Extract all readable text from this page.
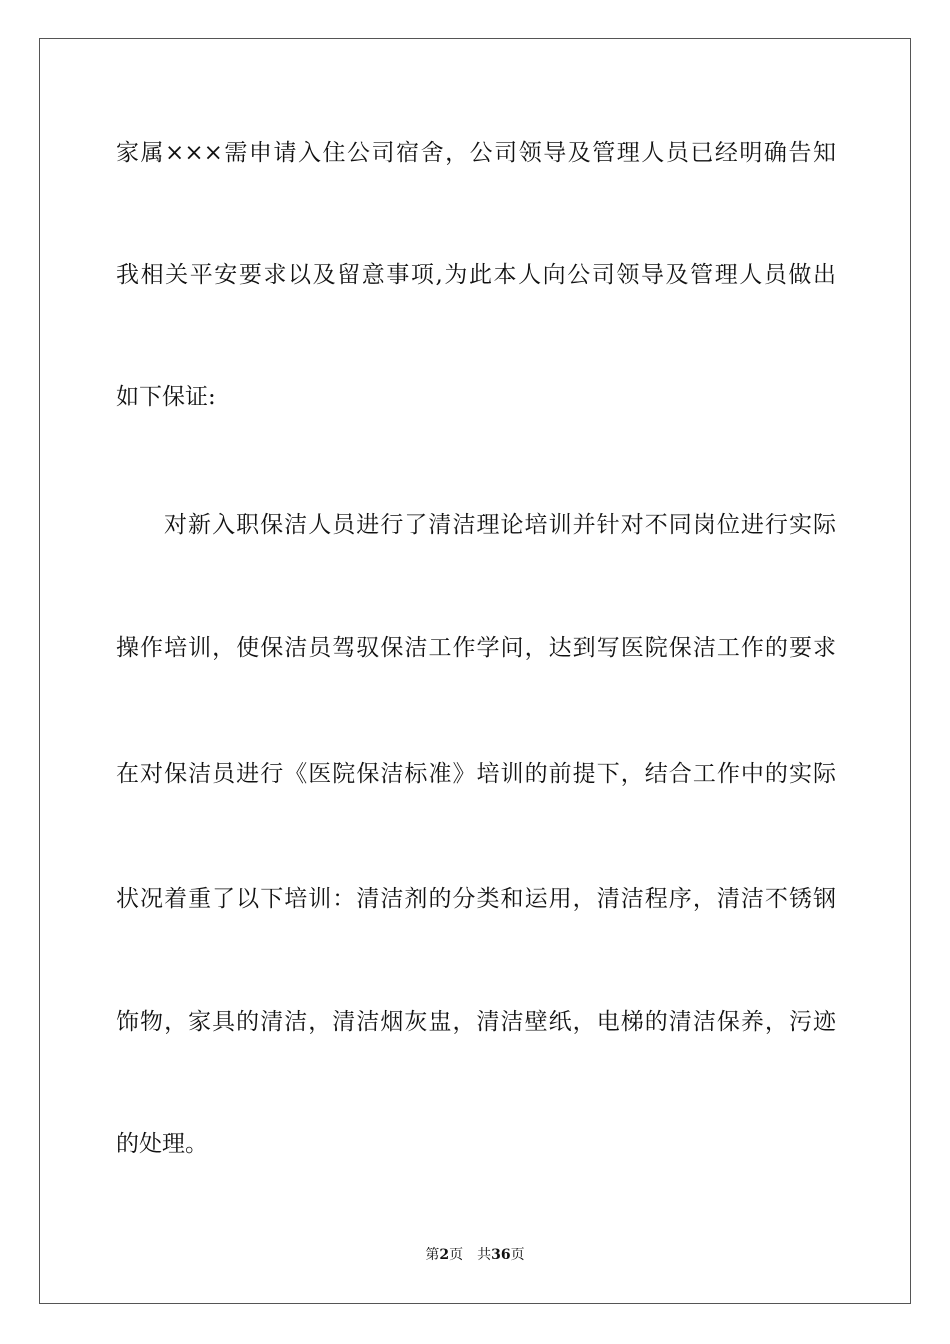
家属×××需申请入住公司宿舍，公司领导及管理人员已经明确告知
我相关平安要求以及留意事项,为此本人向公司领导及管理人员做出
如下保证:
对新入职保洁人员进行了清洁理论培训并针对不同岗位进行实际
操作培训，使保洁员驾驭保洁工作学问，达到写医院保洁工作的要求
在对保洁员进行《医院保洁标准》培训的前提下，结合工作中的实际
状况着重了以下培训：清洁剂的分类和运用，清洁程序，清洁不锈钢
饰物，家具的清洁，清洁烟灰盅，清洁壁纸，电梯的清洁保养，污迹
的处理。
第2页 共36页
